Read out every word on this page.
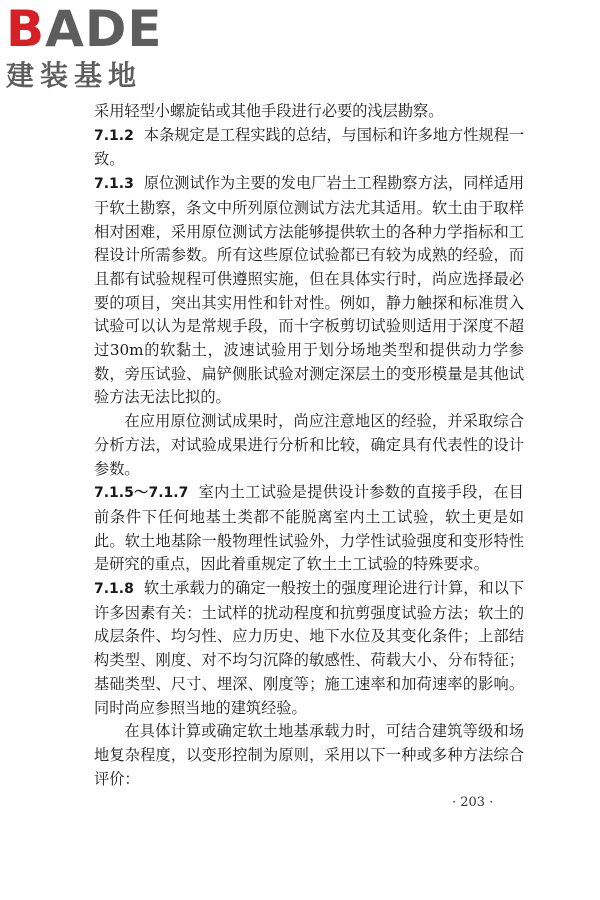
BADE
建装基地

采用轻型小螺旋钻或其他手段进行必要的浅层勘察。

7.1.2 本条规定是工程实践的总结，与国标和许多地方性规程一致。

7.1.3 原位测试作为主要的发电厂岩土工程勘察方法，同样适用于软土勘察，条文中所列原位测试方法尤其适用。软土由于取样相对困难，采用原位测试方法能够提供软土的各种力学指标和工程设计所需参数。所有这些原位试验都已有较为成熟的经验，而且都有试验规程可供遵照实施，但在具体实行时，尚应选择最必要的项目，突出其实用性和针对性。例如，静力触探和标准贯入试验可以认为是常规手段，而十字板剪切试验则适用于深度不超过30m的软黏土，波速试验用于划分场地类型和提供动力学参数，旁压试验、扁铲侧胀试验对测定深层土的变形模量是其他试验方法无法比拟的。

在应用原位测试成果时，尚应注意地区的经验，并采取综合分析方法，对试验成果进行分析和比较，确定具有代表性的设计参数。

7.1.5～7.1.7 室内土工试验是提供设计参数的直接手段，在目前条件下任何地基土类都不能脱离室内土工试验，软土更是如此。软土地基除一般物理性试验外，力学性试验强度和变形特性是研究的重点，因此着重规定了软土土工试验的特殊要求。

7.1.8 软土承载力的确定一般按土的强度理论进行计算，和以下许多因素有关：土试样的扰动程度和抗剪强度试验方法；软土的成层条件、均匀性、应力历史、地下水位及其变化条件；上部结构类型、刚度、对不均匀沉降的敏感性、荷载大小、分布特征；基础类型、尺寸、埋深、刚度等；施工速率和加荷速率的影响。同时尚应参照当地的建筑经验。

在具体计算或确定软土地基承载力时，可结合建筑等级和场地复杂程度，以变形控制为原则，采用以下一种或多种方法综合评价：

· 203 ·
